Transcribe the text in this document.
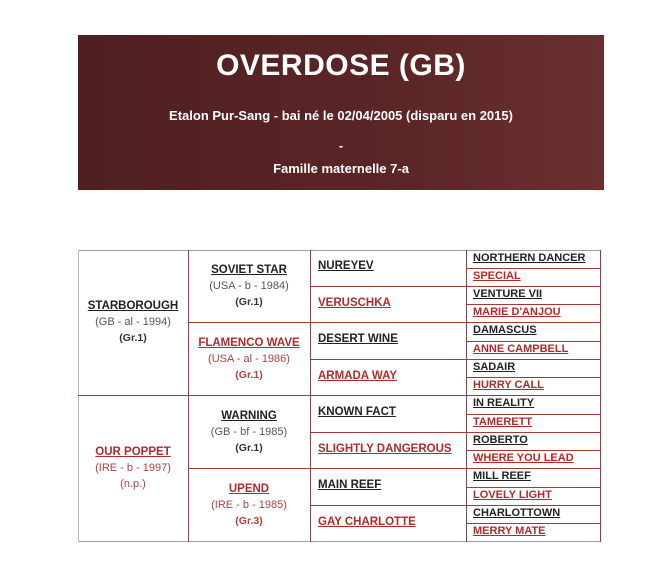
OVERDOSE (GB)
Etalon Pur-Sang - bai né le 02/04/2005 (disparu en 2015)
-
Famille maternelle 7-a
STARBOROUGH
(GB - al - 1994)
(Gr.1)
OUR POPPET
(IRE - b - 1997)
(n.p.)
SOVIET STAR
(USA - b - 1984)
(Gr.1)
FLAMENCO WAVE
(USA - al - 1986)
(Gr.1)
WARNING
(GB - bf - 1985)
(Gr.1)
UPEND
(IRE - b - 1985)
(Gr.3)
NUREYEV
VERUSCHKA
DESERT WINE
ARMADA WAY
KNOWN FACT
SLIGHTLY DANGEROUS
MAIN REEF
GAY CHARLOTTE
NORTHERN DANCER
SPECIAL
VENTURE VII
MARIE D'ANJOU
DAMASCUS
ANNE CAMPBELL
SADAIR
HURRY CALL
IN REALITY
TAMERETT
ROBERTO
WHERE YOU LEAD
MILL REEF
LOVELY LIGHT
CHARLOTTOWN
MERRY MATE
